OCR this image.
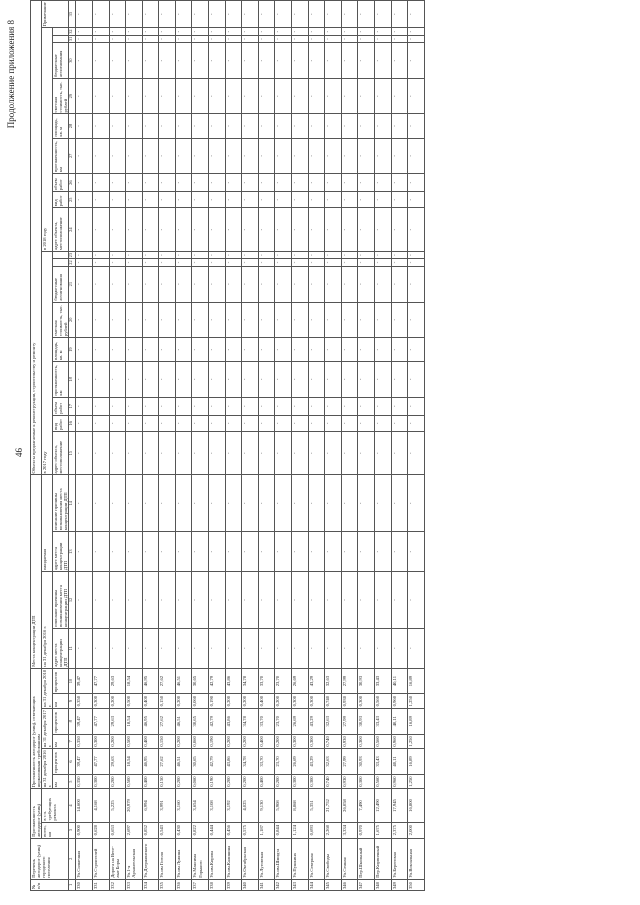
46
Продолжение приложения 8
№ п/п	Перечень автодорог (улиц) городского поселения	Протяженность автодорог (улиц)		Протяженность автодорог (улиц), отвечающих нормативным требованиям						Места концентрации ДТП				Объекты предлагаемые к реконструкции, строительству и ремонту																		
		всего, км	в т.ч. требующих ремонта	на 31 декабря 2016 г.		на 31 декабря 2017 г.		на 31 декабря 2018 г.		на 31 декабря 2016 г.		ожидаемая		в 2017 году									в 2018 году									Примечание
				км	процентов	км	процентов	км	процентов	адрес места концентрации ДТП	описание причины возникновения места концентрации ДТП	адрес места концентрации ДТП	описание причины возникновения места концентрации ДТП	адрес объекта, местоположение	вид работ	объем работ	протяженность, км	площадь, кв. м	сметная стоимость, тыс. рублей	бюджетные ассигнования			адрес объекта, местоположение	вид работ	объем работ	протяженность, км	площадь, кв. м	сметная стоимость, тыс. рублей	бюджетные ассигнования			
1	2	3	4	5	6	7	8	9	10	11	12	13	14	15	16	17	18	19	20	21	22	23	24	25	26	27	28	29	30	31	32	33
330	Ул.Солнечная	0,900	14.600	0,350	39,47	0,350	39,47	0,350	39,47	-	-	-	-	-	-	-	-	-	-	-	-	-	-	-	-	-	-	-	-	-	-	-
331	Ул.Строителей	0,628	4,168	0,300	47,77	0,300	47,77	0,300	47,77	-	-	-	-	-	-	-	-	-	-	-	-	-	-	-	-	-	-	-	-	-	-	-
332	Дорога на Весе-лые Боры	0,653	5,225	0,200	29,63	0,200	29,63	0,200	29,63	-	-	-	-	-	-	-	-	-	-	-	-	-	-	-	-	-	-	-	-	-	-	-
333	Ул.1-я Архангельская	2,697	20,979	0,500	18,54	0,500	18,54	0,500	18,54	-	-	-	-	-	-	-	-	-	-	-	-	-	-	-	-	-	-	-	-	-	-	-
334	Ул.Дзержинского	0,852	6,994	0,400	46,95	0,400	46,95	0,400	46,95	-	-	-	-	-	-	-	-	-	-	-	-	-	-	-	-	-	-	-	-	-	-	-
335	Ул.им Гоголя	0,543	3,991	0,150	27,62	0,150	27,62	0,150	27,62	-	-	-	-	-	-	-	-	-	-	-	-	-	-	-	-	-	-	-	-	-	-	-
336	Ул.им Лужина	0,430	3,160	0,200	46,51	0,200	46,51	0,200	46,51	-	-	-	-	-	-	-	-	-	-	-	-	-	-	-	-	-	-	-	-	-	-	-
337	Ул.Максима Горького	0,822	3,654	0,060	30,65	0,060	30,65	0,060	30,65	-	-	-	-	-	-	-	-	-	-	-	-	-	-	-	-	-	-	-	-	-	-	-
338	Ул.им.Кирова	0,444	3,108	0,190	42,79	0,190	42,79	0,190	42,79	-	-	-	-	-	-	-	-	-	-	-	-	-	-	-	-	-	-	-	-	-	-	-
339	Ул.им.Калинина	0,456	3,192	0,200	43,86	0,200	43,86	0,200	43,86	-	-	-	-	-	-	-	-	-	-	-	-	-	-	-	-	-	-	-	-	-	-	-
340	Ул.Октябрьская	0,575	4,025	0,200	34,78	0,200	34,78	0,200	34,78	-	-	-	-	-	-	-	-	-	-	-	-	-	-	-	-	-	-	-	-	-	-	-
341	Ул.Луговская	1,187	9,130	0,400	33,70	0,400	33,70	0,400	33,70	-	-	-	-	-	-	-	-	-	-	-	-	-	-	-	-	-	-	-	-	-	-	-
342	Ул.им.Шмидта	0,844	5,908	0,200	23,70	0,200	23,70	0,200	23,70	-	-	-	-	-	-	-	-	-	-	-	-	-	-	-	-	-	-	-	-	-	-	-
343	Ул.Пушкина	1,124	8,868	0,300	26,69	0,300	26,69	0,300	26,69	-	-	-	-	-	-	-	-	-	-	-	-	-	-	-	-	-	-	-	-	-	-	-
344	Ул.Северная	0,693	5,351	0,300	43,29	0,300	43,29	0,300	43,29	-	-	-	-	-	-	-	-	-	-	-	-	-	-	-	-	-	-	-	-	-	-	-
345	Ул.Свободы	2,268	21,752	0,740	32,63	0,740	32,63	0,740	32,63	-	-	-	-	-	-	-	-	-	-	-	-	-	-	-	-	-	-	-	-	-	-	-
346	Ул.Сенная	3,334	26,058	0,930	27,99	0,930	27,99	0,930	27,99	-	-	-	-	-	-	-	-	-	-	-	-	-	-	-	-	-	-	-	-	-	-	-
347	Пер.Школьный	0,970	7,490	0,300	30,93	0,300	30,93	0,300	30,93	-	-	-	-	-	-	-	-	-	-	-	-	-	-	-	-	-	-	-	-	-	-	-
348	Пер.Кирпичный	1,675	12,490	0,560	33,43	0,560	33,43	0,560	33,43	-	-	-	-	-	-	-	-	-	-	-	-	-	-	-	-	-	-	-	-	-	-	-
349	Ул.Береговая	2,375	17,945	0,960	40,11	0,960	40,11	0,960	40,11	-	-	-	-	-	-	-	-	-	-	-	-	-	-	-	-	-	-	-	-	-	-	-
350	Ул.Вокзальная	2,000	16,800	1,250	16,89	1,250	16,89	1,250	16,89	-	-	-	-	-	-	-	-	-	-	-	-	-	-	-	-	-	-	-	-	-	-	-
